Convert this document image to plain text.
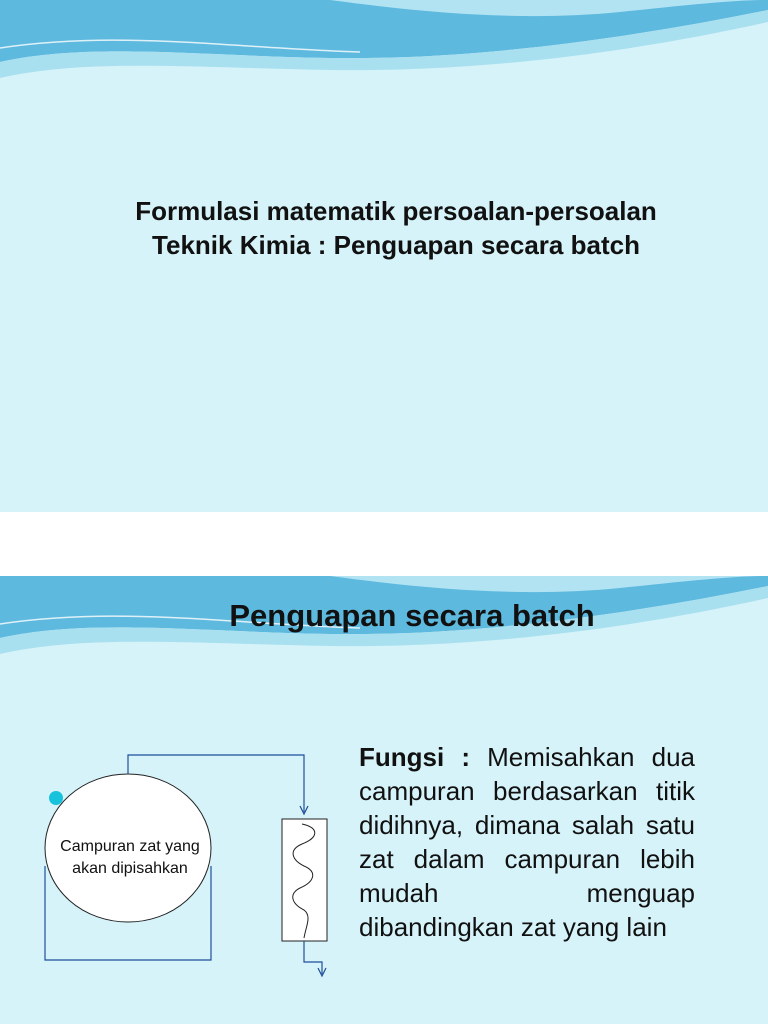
Formulasi matematik persoalan-persoalan
Teknik Kimia : Penguapan secara batch
Penguapan secara batch
Campuran zat yang
akan dipisahkan
Fungsi : Memisahkan dua campuran berdasarkan titik didihnya, dimana salah satu zat dalam campuran lebih mudah menguap dibandingkan zat yang lain
